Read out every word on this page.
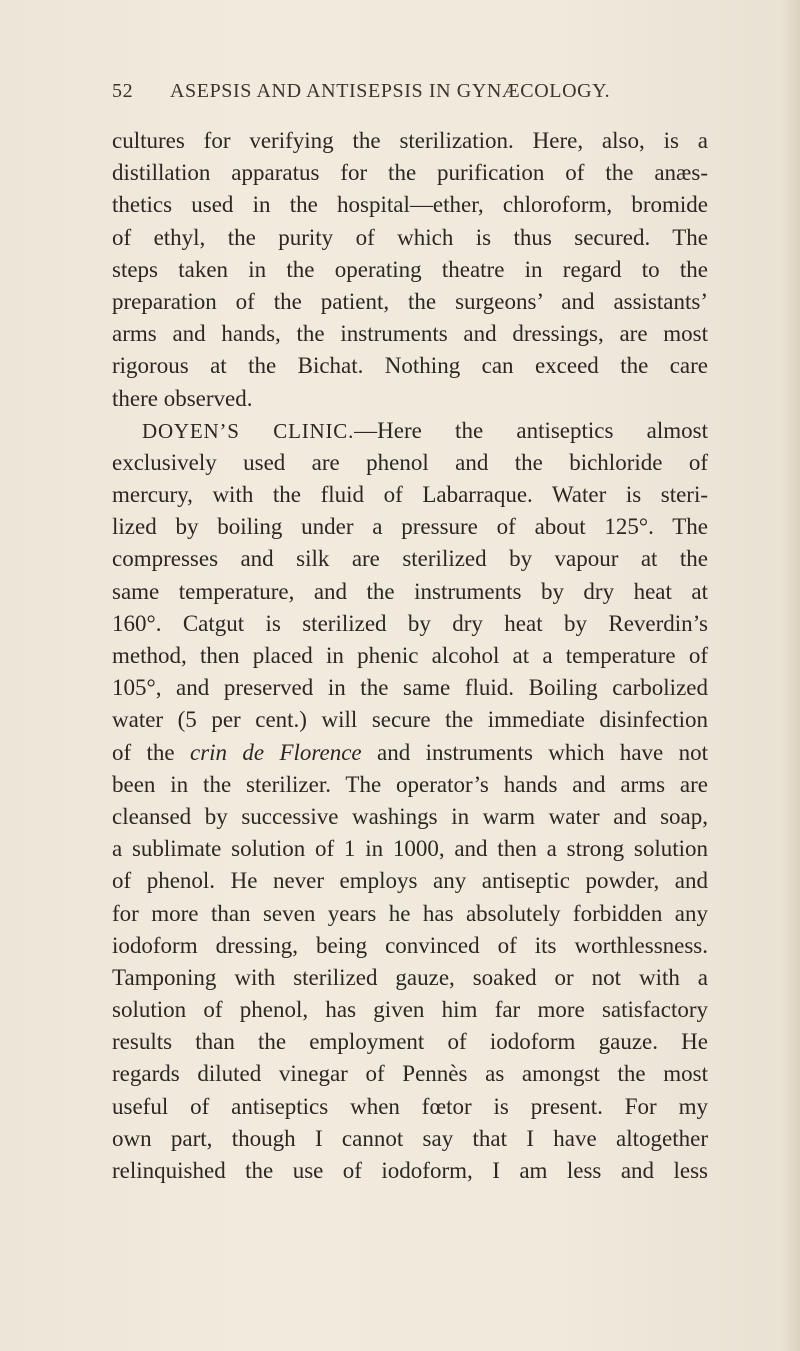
52 ASEPSIS AND ANTISEPSIS IN GYNÆCOLOGY.
cultures for verifying the sterilization. Here, also, is a
distillation apparatus for the purification of the anæs-
thetics used in the hospital—ether, chloroform, bromide
of ethyl, the purity of which is thus secured. The
steps taken in the operating theatre in regard to the
preparation of the patient, the surgeons’ and assistants’
arms and hands, the instruments and dressings, are most
rigorous at the Bichat. Nothing can exceed the care
there observed.
DOYEN’S CLINIC.—Here the antiseptics almost
exclusively used are phenol and the bichloride of
mercury, with the fluid of Labarraque. Water is steri-
lized by boiling under a pressure of about 125°. The
compresses and silk are sterilized by vapour at the
same temperature, and the instruments by dry heat at
160°. Catgut is sterilized by dry heat by Reverdin’s
method, then placed in phenic alcohol at a temperature of
105°, and preserved in the same fluid. Boiling carbolized
water (5 per cent.) will secure the immediate disinfection
of the crin de Florence and instruments which have not
been in the sterilizer. The operator’s hands and arms are
cleansed by successive washings in warm water and soap,
a sublimate solution of 1 in 1000, and then a strong solution
of phenol. He never employs any antiseptic powder, and
for more than seven years he has absolutely forbidden any
iodoform dressing, being convinced of its worthlessness.
Tamponing with sterilized gauze, soaked or not with a
solution of phenol, has given him far more satisfactory
results than the employment of iodoform gauze. He
regards diluted vinegar of Pennès as amongst the most
useful of antiseptics when fœtor is present. For my
own part, though I cannot say that I have altogether
relinquished the use of iodoform, I am less and less
